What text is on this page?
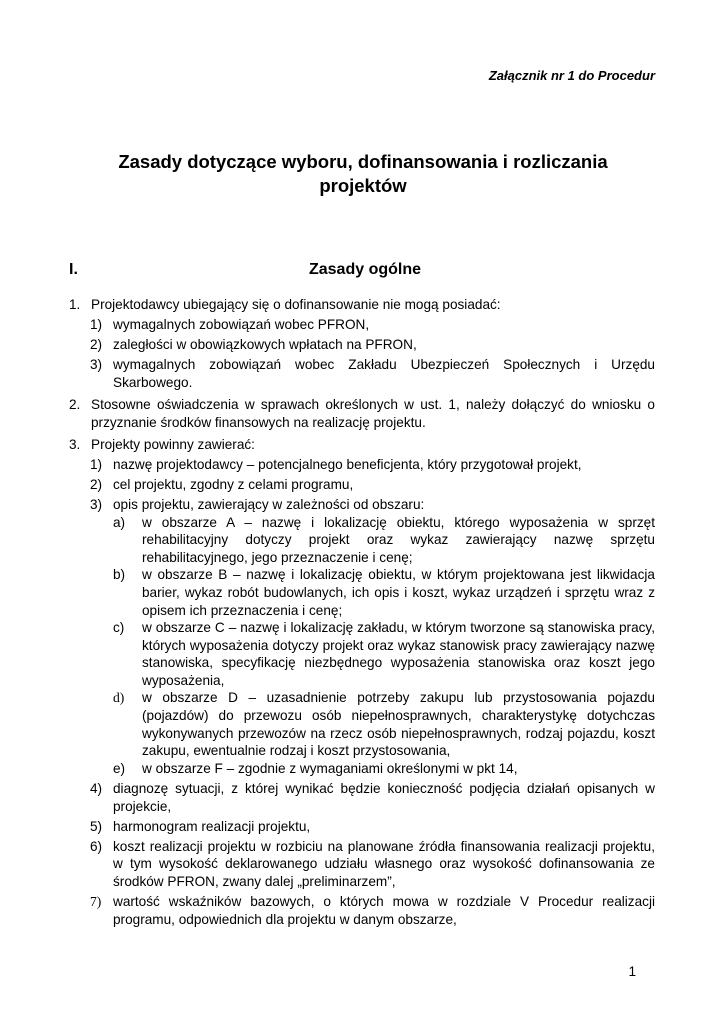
Załącznik nr 1 do Procedur
Zasady dotyczące wyboru, dofinansowania i rozliczania
projektów
Zasady ogólne
I.
1. Projektodawcy ubiegający się o dofinansowanie nie mogą posiadać:
1) wymagalnych zobowiązań wobec PFRON,
2) zaległości w obowiązkowych wpłatach na PFRON,
3) wymagalnych zobowiązań wobec Zakładu Ubezpieczeń Społecznych i Urzędu Skarbowego.
2. Stosowne oświadczenia w sprawach określonych w ust. 1, należy dołączyć do wniosku o przyznanie środków finansowych na realizację projektu.
3. Projekty powinny zawierać:
1) nazwę projektodawcy – potencjalnego beneficjenta, który przygotował projekt,
2) cel projektu, zgodny z celami programu,
3) opis projektu, zawierający w zależności od obszaru:
a)	w obszarze A – nazwę i lokalizację obiektu, którego wyposażenia w sprzęt rehabilitacyjny dotyczy projekt oraz wykaz zawierający nazwę sprzętu rehabilitacyjnego, jego przeznaczenie i cenę;
b)	w obszarze B – nazwę i lokalizację obiektu, w którym projektowana jest likwidacja barier, wykaz robót budowlanych, ich opis i koszt, wykaz urządzeń i sprzętu wraz z opisem ich przeznaczenia i cenę;
c)	w obszarze C – nazwę i lokalizację zakładu, w którym tworzone są stanowiska pracy, których wyposażenia dotyczy projekt oraz wykaz stanowisk pracy zawierający nazwę stanowiska, specyfikację niezbędnego wyposażenia stanowiska oraz koszt jego wyposażenia,
d)	w obszarze D – uzasadnienie potrzeby zakupu lub przystosowania pojazdu (pojazdów) do przewozu osób niepełnosprawnych, charakterystykę dotychczas wykonywanych przewozów na rzecz osób niepełnosprawnych, rodzaj pojazdu, koszt zakupu, ewentualnie rodzaj i koszt przystosowania,
e)	w obszarze F – zgodnie z wymaganiami określonymi w pkt 14,
4) diagnozę sytuacji, z której wynikać będzie konieczność podjęcia działań opisanych w projekcie,
5) harmonogram realizacji projektu,
6) koszt realizacji projektu w rozbiciu na planowane źródła finansowania realizacji projektu, w tym wysokość deklarowanego udziału własnego oraz wysokość dofinansowania ze środków PFRON, zwany dalej „preliminarzem”,
7) wartość wskaźników bazowych, o których mowa w rozdziale V Procedur realizacji programu, odpowiednich dla projektu w danym obszarze,
1
